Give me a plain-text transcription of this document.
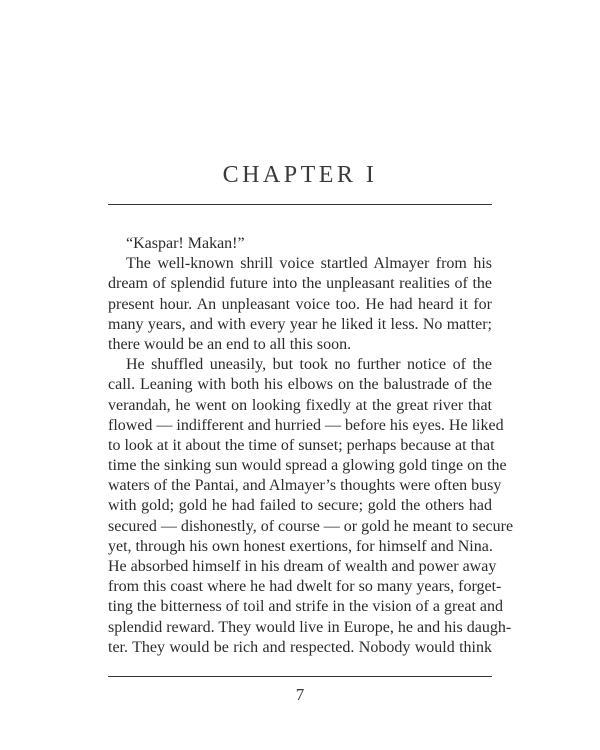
CHAPTER I
“Kaspar! Makan!”
The well-known shrill voice startled Almayer from his
dream of splendid future into the unpleasant realities of the
present hour. An unpleasant voice too. He had heard it for
many years, and with every year he liked it less. No matter;
there would be an end to all this soon.
He shuffled uneasily, but took no further notice of the
call. Leaning with both his elbows on the balustrade of the
verandah, he went on looking fixedly at the great river that
flowed — indifferent and hurried — before his eyes. He liked
to look at it about the time of sunset; perhaps because at that
time the sinking sun would spread a glowing gold tinge on the
waters of the Pantai, and Almayer’s thoughts were often busy
with gold; gold he had failed to secure; gold the others had
secured — dishonestly, of course — or gold he meant to secure
yet, through his own honest exertions, for himself and Nina.
He absorbed himself in his dream of wealth and power away
from this coast where he had dwelt for so many years, forget-
ting the bitterness of toil and strife in the vision of a great and
splendid reward. They would live in Europe, he and his daugh-
ter. They would be rich and respected. Nobody would think
7
